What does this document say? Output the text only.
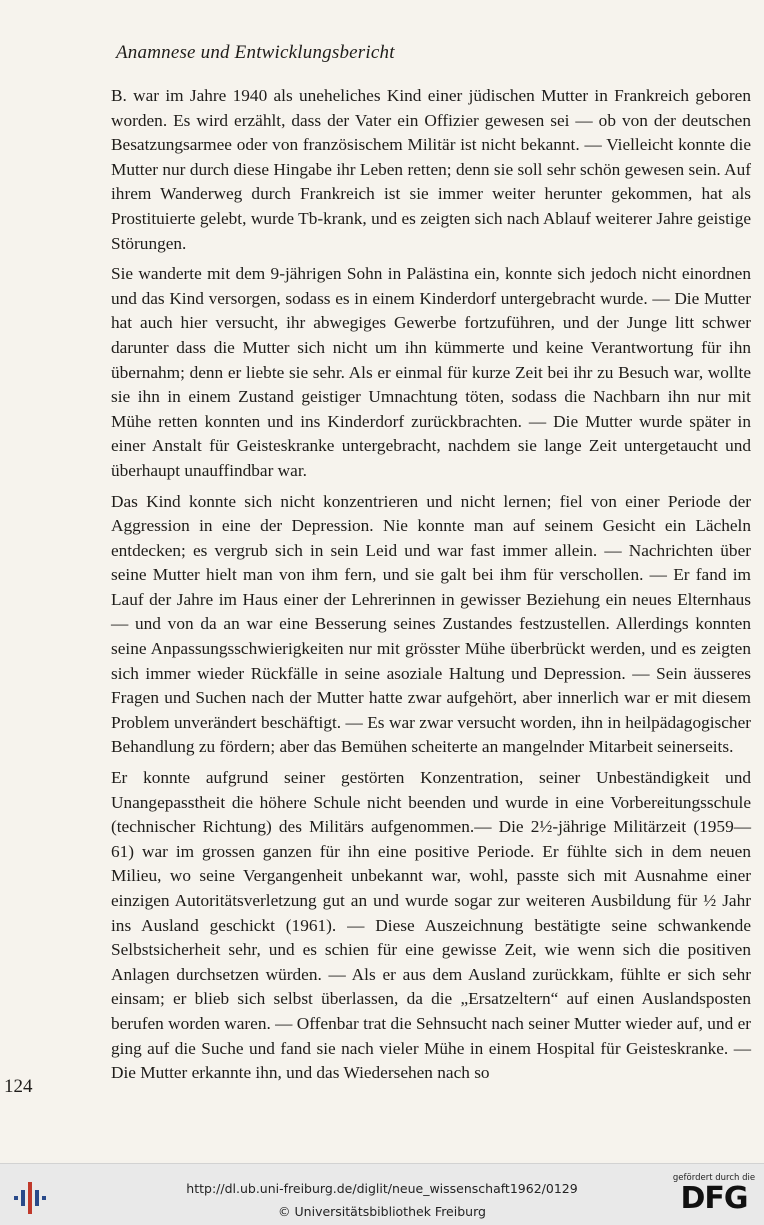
Anamnese und Entwicklungsbericht

B. war im Jahre 1940 als uneheliches Kind einer jüdischen Mutter in Frankreich geboren worden. Es wird erzählt, dass der Vater ein Offizier gewesen sei — ob von der deutschen Besatzungsarmee oder von französischem Militär ist nicht bekannt. — Vielleicht konnte die Mutter nur durch diese Hingabe ihr Leben retten; denn sie soll sehr schön gewesen sein. Auf ihrem Wanderweg durch Frankreich ist sie immer weiter herunter gekommen, hat als Prostituierte gelebt, wurde Tb-krank, und es zeigten sich nach Ablauf weiterer Jahre geistige Störungen.

Sie wanderte mit dem 9-jährigen Sohn in Palästina ein, konnte sich jedoch nicht einordnen und das Kind versorgen, sodass es in einem Kinderdorf untergebracht wurde. — Die Mutter hat auch hier versucht, ihr abwegiges Gewerbe fortzuführen, und der Junge litt schwer darunter dass die Mutter sich nicht um ihn kümmerte und keine Verantwortung für ihn übernahm; denn er liebte sie sehr. Als er einmal für kurze Zeit bei ihr zu Besuch war, wollte sie ihn in einem Zustand geistiger Umnachtung töten, sodass die Nachbarn ihn nur mit Mühe retten konnten und ins Kinderdorf zurückbrachten. — Die Mutter wurde später in einer Anstalt für Geisteskranke untergebracht, nachdem sie lange Zeit untergetaucht und überhaupt unauffindbar war.

Das Kind konnte sich nicht konzentrieren und nicht lernen; fiel von einer Periode der Aggression in eine der Depression. Nie konnte man auf seinem Gesicht ein Lächeln entdecken; es vergrub sich in sein Leid und war fast immer allein. — Nachrichten über seine Mutter hielt man von ihm fern, und sie galt bei ihm für verschollen. — Er fand im Lauf der Jahre im Haus einer der Lehrerinnen in gewisser Beziehung ein neues Elternhaus — und von da an war eine Besserung seines Zustandes festzustellen. Allerdings konnten seine Anpassungsschwierigkeiten nur mit grösster Mühe überbrückt werden, und es zeigten sich immer wieder Rückfälle in seine asoziale Haltung und Depression. — Sein äusseres Fragen und Suchen nach der Mutter hatte zwar aufgehört, aber innerlich war er mit diesem Problem unverändert beschäftigt. — Es war zwar versucht worden, ihn in heilpädagogischer Behandlung zu fördern; aber das Bemühen scheiterte an mangelnder Mitarbeit seinerseits.

Er konnte aufgrund seiner gestörten Konzentration, seiner Unbeständigkeit und Unangepasstheit die höhere Schule nicht beenden und wurde in eine Vorbereitungsschule (technischer Richtung) des Militärs aufgenommen.— Die 2½-jährige Militärzeit (1959—61) war im grossen ganzen für ihn eine positive Periode. Er fühlte sich in dem neuen Milieu, wo seine Vergangenheit unbekannt war, wohl, passte sich mit Ausnahme einer einzigen Autoritätsverletzung gut an und wurde sogar zur weiteren Ausbildung für ½ Jahr ins Ausland geschickt (1961). — Diese Auszeichnung bestätigte seine schwankende Selbstsicherheit sehr, und es schien für eine gewisse Zeit, wie wenn sich die positiven Anlagen durchsetzen würden. — Als er aus dem Ausland zurückkam, fühlte er sich sehr einsam; er blieb sich selbst überlassen, da die „Ersatzeltern“ auf einen Auslandsposten berufen worden waren. — Offenbar trat die Sehnsucht nach seiner Mutter wieder auf, und er ging auf die Suche und fand sie nach vieler Mühe in einem Hospital für Geisteskranke. — Die Mutter erkannte ihn, und das Wiedersehen nach so

124
http://dl.ub.uni-freiburg.de/diglit/neue_wissenschaft1962/0129
© Universitätsbibliothek Freiburg
gefördert durch die
DFG
